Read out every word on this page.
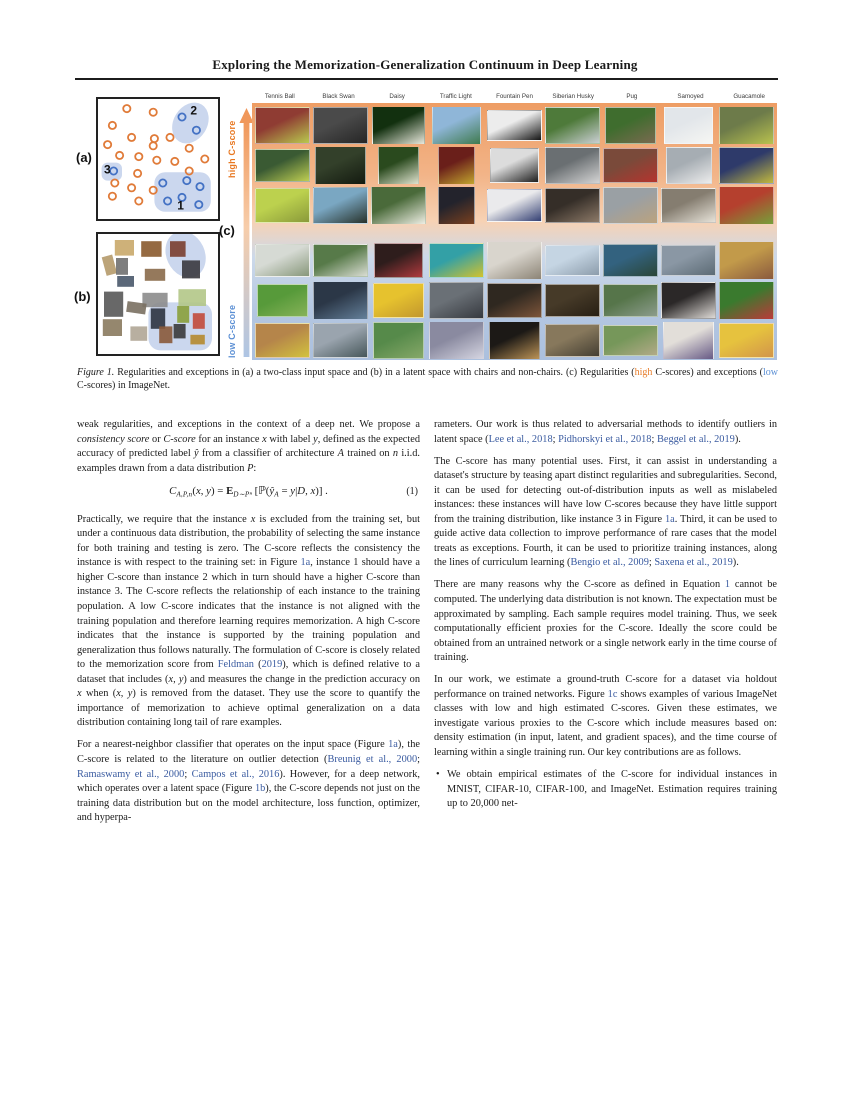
Exploring the Memorization-Generalization Continuum in Deep Learning
2
3
1
(a)
(b)
(c)
high C-score
low C-score
Tennis Ball	Black Swan	Daisy	Traffic Light	Fountain Pen	Siberian Husky	Pug	Samoyed	Guacamole
Figure 1. Regularities and exceptions in (a) a two-class input space and (b) in a latent space with chairs and non-chairs. (c) Regularities (high C-scores) and exceptions (low C-scores) in ImageNet.

weak regularities, and exceptions in the context of a deep net. We propose a consistency score or C-score for an instance x with label y, defined as the expected accuracy of predicted label ŷ from a classifier of architecture A trained on n i.i.d. examples drawn from a data distribution P:

$C_{A,P,n}(x$, $y) = E_{D\sim P^n}$ [$ℙ(ŷ_A = y|D$, x)] .	(1)

Practically, we require that the instance x is excluded from the training set, but under a continuous data distribution, the probability of selecting the same instance for both training and testing is zero. The C-score reflects the consistency the instance is with respect to the training set: in Figure 1a, instance 1 should have a higher C-score than instance 2 which in turn should have a higher C-score than instance 3. The C-score reflects the relationship of each instance to the training population. A low C-score indicates that the instance is not aligned with the training population and therefore learning requires memorization. A high C-score indicates that the instance is supported by the training population and generalization thus follows naturally. The formulation of C-score is closely related to the memorization score from Feldman (2019), which is defined relative to a dataset that includes (x, y) and measures the change in the prediction accuracy on x when (x, y) is removed from the dataset. They use the score to quantify the importance of memorization to achieve optimal generalization on a data distribution containing long tail of rare examples.

For a nearest-neighbor classifier that operates on the input space (Figure 1a), the C-score is related to the literature on outlier detection (Breunig et al., 2000; Ramaswamy et al., 2000; Campos et al., 2016). However, for a deep network, which operates over a latent space (Figure 1b), the C-score depends not just on the training data distribution but on the model architecture, loss function, optimizer, and hyperpa-

rameters. Our work is thus related to adversarial methods to identify outliers in latent space (Lee et al., 2018; Pidhorskyi et al., 2018; Beggel et al., 2019).

The C-score has many potential uses. First, it can assist in understanding a dataset's structure by teasing apart distinct regularities and subregularities. Second, it can be used for detecting out-of-distribution inputs as well as mislabeled instances: these instances will have low C-scores because they have little support from the training distribution, like instance 3 in Figure 1a. Third, it can be used to guide active data collection to improve performance of rare cases that the model treats as exceptions. Fourth, it can be used to prioritize training instances, along the lines of curriculum learning (Bengio et al., 2009; Saxena et al., 2019).

There are many reasons why the C-score as defined in Equation 1 cannot be computed. The underlying data distribution is not known. The expectation must be approximated by sampling. Each sample requires model training. Thus, we seek computationally efficient proxies for the C-score. Ideally the score could be obtained from an untrained network or a single network early in the time course of training.

In our work, we estimate a ground-truth C-score for a dataset via holdout performance on trained networks. Figure 1c shows examples of various ImageNet classes with low and high estimated C-scores. Given these estimates, we investigate various proxies to the C-score which include measures based on: density estimation (in input, latent, and gradient spaces), and the time course of learning within a single training run. Our key contributions are as follows.

• We obtain empirical estimates of the C-score for individual instances in MNIST, CIFAR-10, CIFAR-100, and ImageNet. Estimation requires training up to 20,000 net-
